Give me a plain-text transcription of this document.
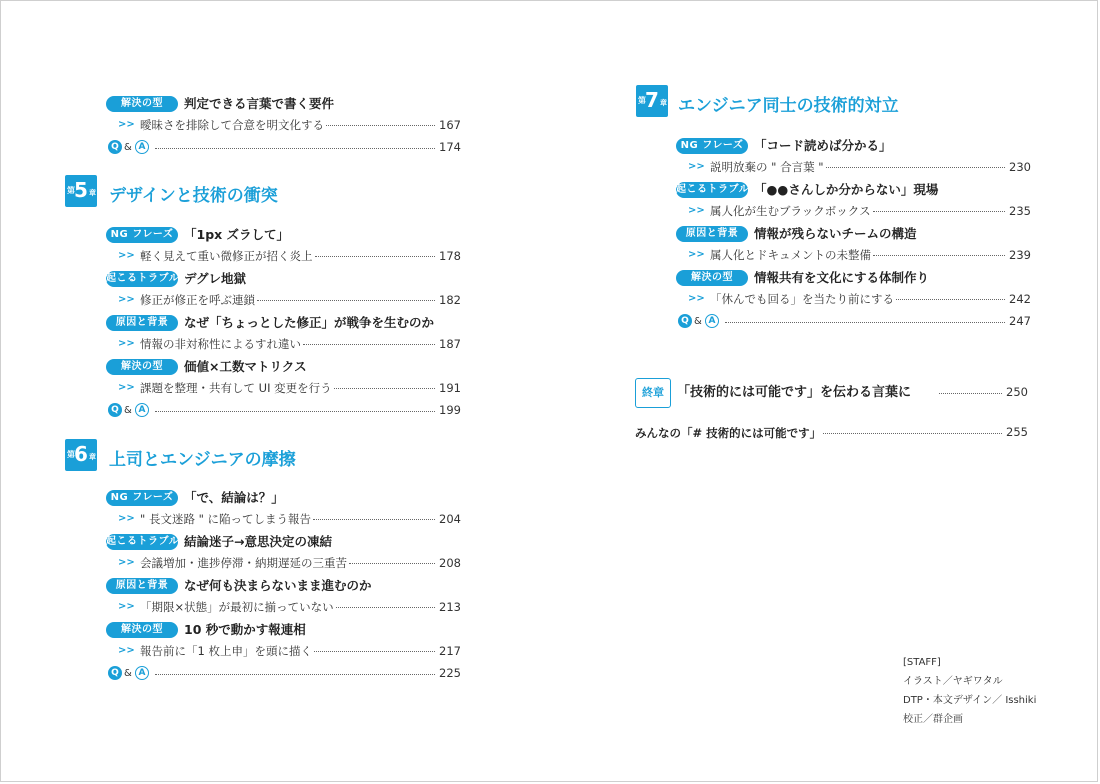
解決の型	判定できる言葉で書く要件
>> 曖昧さを排除して合意を明文化する	167
Q & A	174
第 5 章 デザインと技術の衝突
NG フレーズ 「1px ズラして」
>> 軽く見えて重い微修正が招く炎上	178
起こるトラブル デグレ地獄
>> 修正が修正を呼ぶ連鎖	182
原因と背景	なぜ「ちょっとした修正」が戦争を生むのか
>> 情報の非対称性によるすれ違い	187
解決の型	価値×工数マトリクス
>> 課題を整理・共有して UI 変更を行う	191
Q & A	199
第 6 章 上司とエンジニアの摩擦
NG フレーズ 「で、結論は？」
>> " 長文迷路 " に陥ってしまう報告	204
起こるトラブル 結論迷子→意思決定の凍結
>> 会議増加・進捗停滞・納期遅延の三重苦	208
原因と背景	なぜ何も決まらないまま進むのか
>> 「期限×状態」が最初に揃っていない	213
解決の型	10 秒で動かす報連相
>> 報告前に「1 枚上申」を頭に描く	217
Q & A	225
第 7 章 エンジニア同士の技術的対立
NG フレーズ 「コード読めば分かる」
>> 説明放棄の " 合言葉 "	230
起こるトラブル 「●●さんしか分からない」現場
>> 属人化が生むブラックボックス	235
原因と背景	情報が残らないチームの構造
>> 属人化とドキュメントの未整備	239
解決の型	情報共有を文化にする体制作り
>> 「休んでも回る」を当たり前にする	242
Q & A	247
終章	「技術的には可能です」を伝わる言葉に	250
みんなの「# 技術的には可能です」	255
[STAFF]
イラスト／ヤギワタル
DTP・本文デザイン／ Isshiki
校正／群企画
